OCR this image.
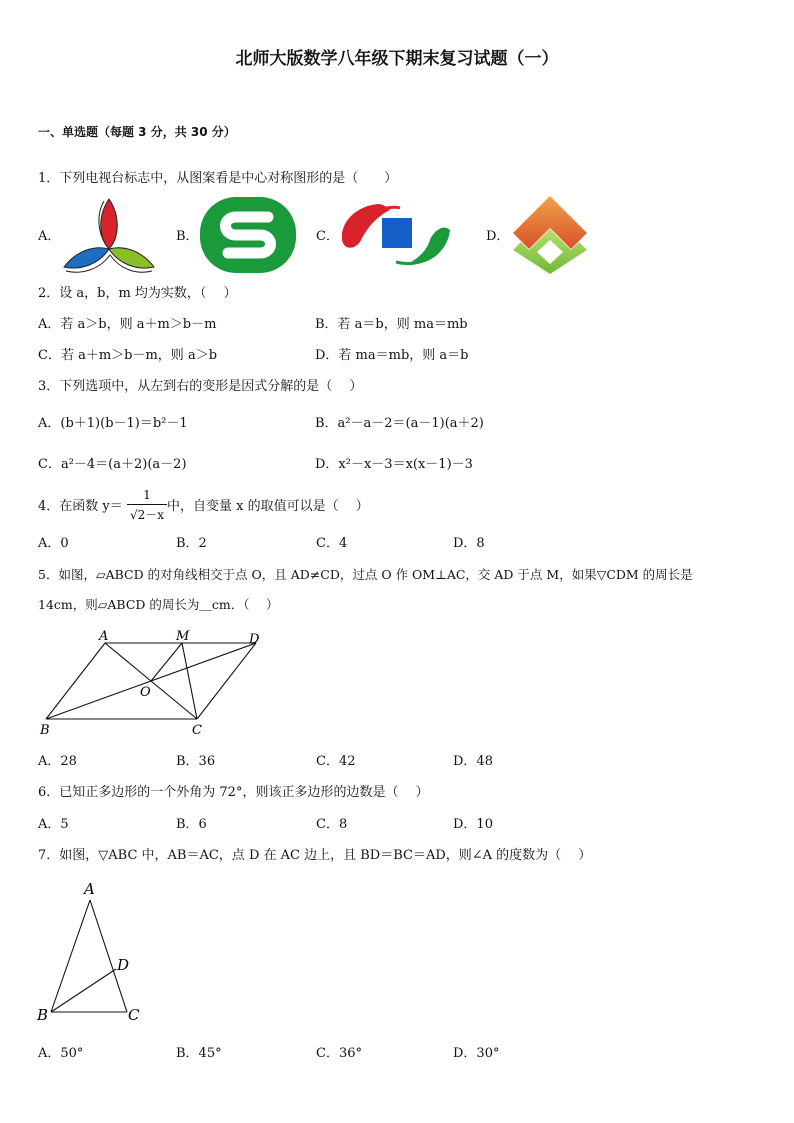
北师大版数学八年级下期末复习试题（一）
一、单选题（每题 3 分，共 30 分）
1．下列电视台标志中，从图案看是中心对称图形的是（　　）
A．	B．	C．	D．
2．设 a，b，m 均为实数，（　 ）
A．若 a＞b，则 a＋m＞b－m	B．若 a＝b，则 ma＝mb
C．若 a＋m＞b－m，则 a＞b	D．若 ma＝mb，则 a＝b
3．下列选项中，从左到右的变形是因式分解的是（　 ）
A．(b＋1)(b－1)＝b²－1	B．a²－a－2＝(a－1)(a＋2)
C．a²－4＝(a＋2)(a－2)	D．x²－x－3＝x(x－1)－3
4．在函数 y＝
1
√2－x
中，自变量 x 的取值可以是（　 ）
A．0	B．2	C．4	D．8
5．如图，▱ABCD 的对角线相交于点 O，且 AD≠CD，过点 O 作 OM⊥AC，交 AD 于点 M，如果▽CDM 的周长是
14cm，则▱ABCD 的周长为＿cm．（　 ）
A	M	D
O
B	C
A．28	B．36	C．42	D．48
6．已知正多边形的一个外角为 72°，则该正多边形的边数是（　 ）
A．5	B．6	C．8	D．10
7．如图，▽ABC 中，AB＝AC，点 D 在 AC 边上，且 BD＝BC＝AD，则∠A 的度数为（　 ）
A
D
B	C
A．50°	B．45°	C．36°	D．30°
